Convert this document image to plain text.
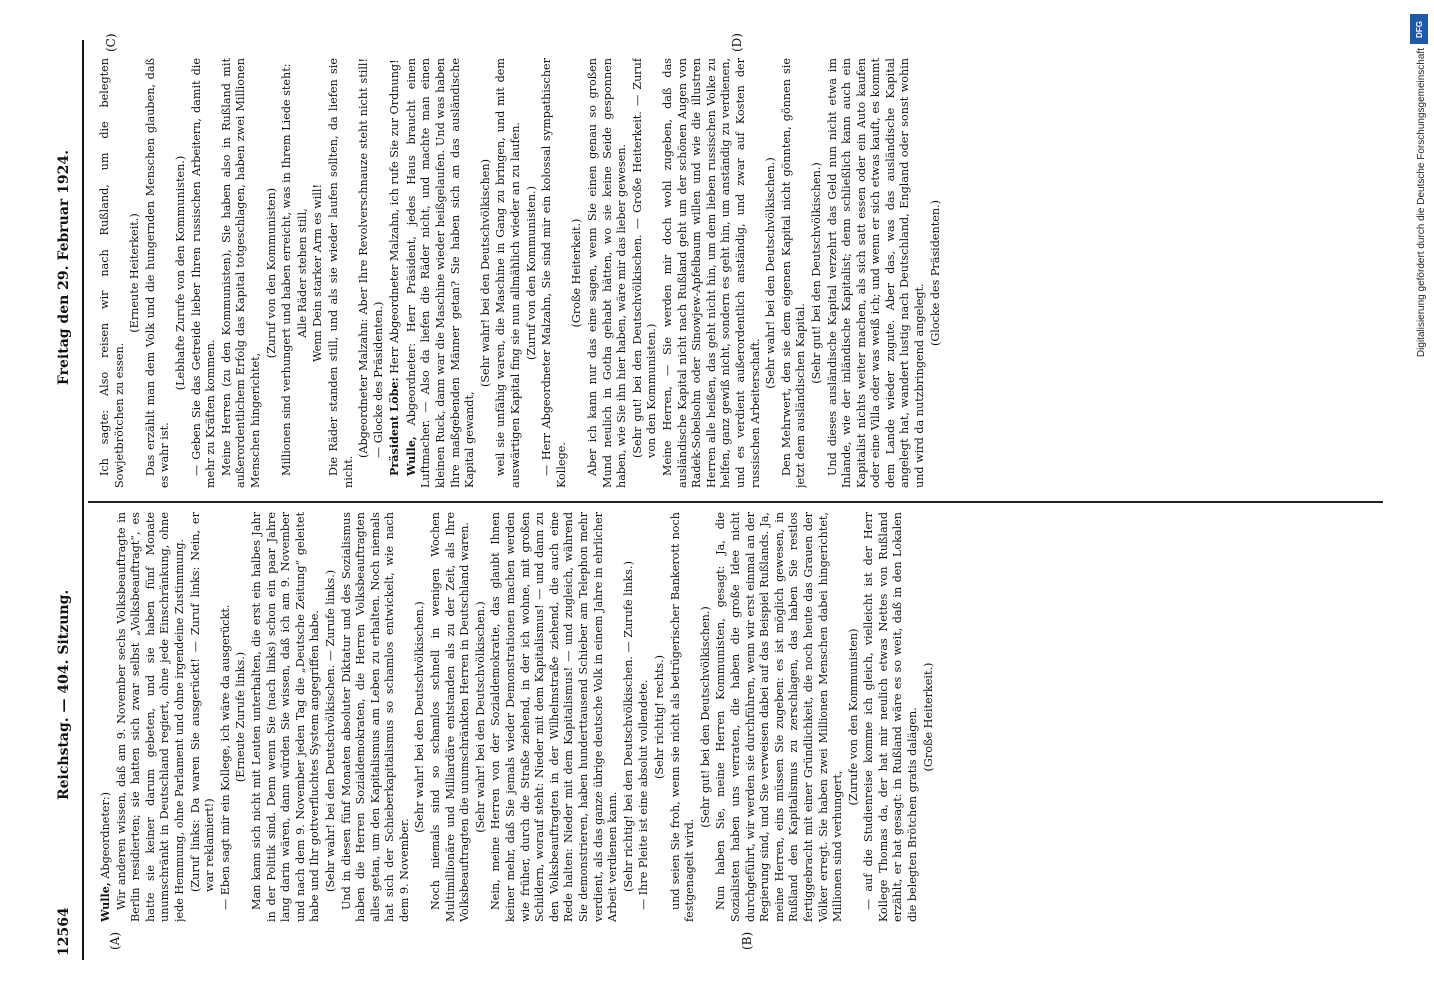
12564
Reichstag. — 404. Sitzung.
Freitag den 29. Februar 1924.
(A)	(B)
(C)	(D)

Wulle, Abgeordneter:) Wir anderen wissen, daß am 9. November sechs Volksbeauftragte in Berlin residierten; sie hatten sich zwar selbst „Volksbeauftragt“, es hatte sie keiner darum gebeten, und sie haben fünf Monate unumschränkt in Deutschland regiert, ohne jede Einschränkung, ohne jede Hemmung, ohne Parlament und ohne irgendeine Zustimmung. (Zuruf links: Da waren Sie ausgerückt! — Zuruf links: Nein, er war reklamiert!) — Eben sagt mir ein Kollege, ich wäre da ausgerückt. (Erneute Zurufe links.) Man kann sich nicht mit Leuten unterhalten, die erst ein halbes Jahr in der Politik sind. Denn wenn Sie (nach links) schon ein paar Jahre lang darin wären, dann würden Sie wissen, daß ich am 9. November und nach dem 9. November jeden Tag die „Deutsche Zeitung“ geleitet habe und Ihr gottverfluchtes System angegriffen habe. (Sehr wahr! bei den Deutschvölkischen. — Zurufe links.) Und in diesen fünf Monaten absoluter Diktatur und des Sozialismus haben die Herren Sozialdemokraten, die Herren Volksbeauftragten alles getan, um den Kapitalismus am Leben zu erhalten. Noch niemals hat sich der Schieberkapitalismus so schamlos entwickelt, wie nach dem 9. November.

(Sehr wahr! bei den Deutschvölkischen.) Noch niemals sind so schamlos schnell in wenigen Wochen Multimillionäre und Milliardäre entstanden als zu der Zeit, als Ihre Volksbeauftragten die unumschränkten Herren in Deutschland waren. (Sehr wahr! bei den Deutschvölkischen.) Nein, meine Herren von der Sozialdemokratie, das glaubt Ihnen keiner mehr, daß Sie jemals wieder Demonstrationen machen werden wie früher, durch die Straße ziehend, in der ich wohne, mit großen Schildern, worauf steht: Nieder mit dem Kapitalismus! — und dann zu den Volksbeauftragten in der Wilhelmstraße ziehend, die auch eine Rede halten: Nieder mit dem Kapitalismus! — und zugleich, während Sie demonstrieren, haben hunderttausend Schieber am Telephon mehr verdient, als das ganze übrige deutsche Volk in einem Jahre in ehrlicher Arbeit verdienen kann. (Sehr richtig! bei den Deutschvölkischen. — Zurufe links.) — Ihre Pleite ist eine absolut vollendete. (Sehr richtig! rechts.) und seien Sie froh, wenn sie nicht als betrügerischer Bankerott noch festgenagelt wird.

(Sehr gut! bei den Deutschvölkischen.) Nun haben Sie, meine Herren Kommunisten, gesagt: Ja, die Sozialisten haben uns verraten, die haben die große Idee nicht durchgeführt, wir werden sie durchführen, wenn wir erst einmal an der Regierung sind, und Sie verweisen dabei auf das Beispiel Rußlands. Ja, meine Herren, eins müssen Sie zugeben: es ist möglich gewesen, in Rußland den Kapitalismus zu zerschlagen, das haben Sie restlos fertiggebracht mit einer Gründlichkeit, die noch heute das Grauen der Völker erregt. Sie haben zwei Millionen Menschen dabei hingerichtet, Millionen sind verhungert,

(Zurufe von den Kommunisten) — auf die Studienreise komme ich gleich, vielleicht ist der Herr Kollege Thomas da, der hat mir neulich etwas Nettes von Rußland erzählt, er hat gesagt: in Rußland wäre es so weit, daß in den Lokalen die belegten Brötchen gratis dalägen. (Große Heiterkeit.)

Ich sagte: Also reisen wir nach Rußland, um die belegten Sowjetbrötchen zu essen.

(Erneute Heiterkeit.) Das erzählt man dem Volk und die hungernden Menschen glauben, daß es wahr ist.

(Lebhafte Zurufe von den Kommunisten.) — Geben Sie das Getreide lieber Ihren russischen Arbeitern, damit die mehr zu Kräften kommen. Meine Herren (zu den Kommunisten), Sie haben also in Rußland mit außerordentlichem Erfolg das Kapital totgeschlagen, haben zwei Millionen Menschen hingerichtet,

(Zuruf von den Kommunisten) Millionen sind verhungert und haben erreicht, was in Ihrem Liede steht: Alle Räder stehen still, Wenn Dein starker Arm es will! Die Räder standen still, und als sie wieder laufen sollten, da liefen sie nicht.

(Abgeordneter Malzahn: Aber Ihre Revolverschnauze steht nicht still! — Glocke des Präsidenten.) Präsident Löbe: Herr Abgeordneter Malzahn, ich rufe Sie zur Ordnung!

Wulle, Abgeordneter: Herr Präsident, jedes Haus braucht einen Luftmacher. — Also da liefen die Räder nicht, und machte man einen kleinen Ruck, dann war die Maschine wieder heißgelaufen. Und was haben Ihre maßgebenden Männer getan? Sie haben sich an das ausländische Kapital gewandt,

(Sehr wahr! bei den Deutschvölkischen) weil sie unfähig waren, die Maschine in Gang zu bringen, und mit dem auswärtigen Kapital fing sie nun allmählich wieder an zu laufen. (Zuruf von den Kommunisten.) — Herr Abgeordneter Malzahn, Sie sind mir ein kolossal sympathischer Kollege.

(Große Heiterkeit.) Aber ich kann nur das eine sagen, wenn Sie einen genau so großen Mund neulich in Gotha gehabt hätten, wo sie keine Seide gesponnen haben, wie Sie ihn hier haben, wäre mir das lieber gewesen. (Sehr gut! bei den Deutschvölkischen. — Große Heiterkeit. — Zuruf von den Kommunisten.) Meine Herren, — Sie werden mir doch wohl zugeben, daß das ausländische Kapital nicht nach Rußland geht um der schönen Augen von Radek-Sobelsohn oder Sinowjew-Apfelbaum willen und wie die illustren Herren alle heißen, das geht nicht hin, um dem lieben russischen Volke zu helfen, ganz gewiß nicht, sondern es geht hin, um anständig zu verdienen, und es verdient außerordentlich anständig, und zwar auf Kosten der russischen Arbeiterschaft.

(Sehr wahr! bei den Deutschvölkischen.) Den Mehrwert, den sie dem eigenen Kapital nicht gönnten, gönnen sie jetzt dem ausländischen Kapital.

(Sehr gut! bei den Deutschvölkischen.) Und dieses ausländische Kapital verzehrt das Geld nun nicht etwa im Inlande, wie der inländische Kapitalist; denn schließlich kann auch ein Kapitalist nichts weiter machen, als sich satt essen oder ein Auto kaufen oder eine Villa oder was weiß ich; und wenn er sich etwas kauft, es kommt dem Lande wieder zugute. Aber das, was das ausländische Kapital angelegt hat, wandert lustig nach Deutschland, England oder sonst wohin und wird da nutzbringend angelegt.

(Glocke des Präsidenten.)

DFG
Digitalisierung gefördert durch die Deutsche Forschungsgemeinschaft
